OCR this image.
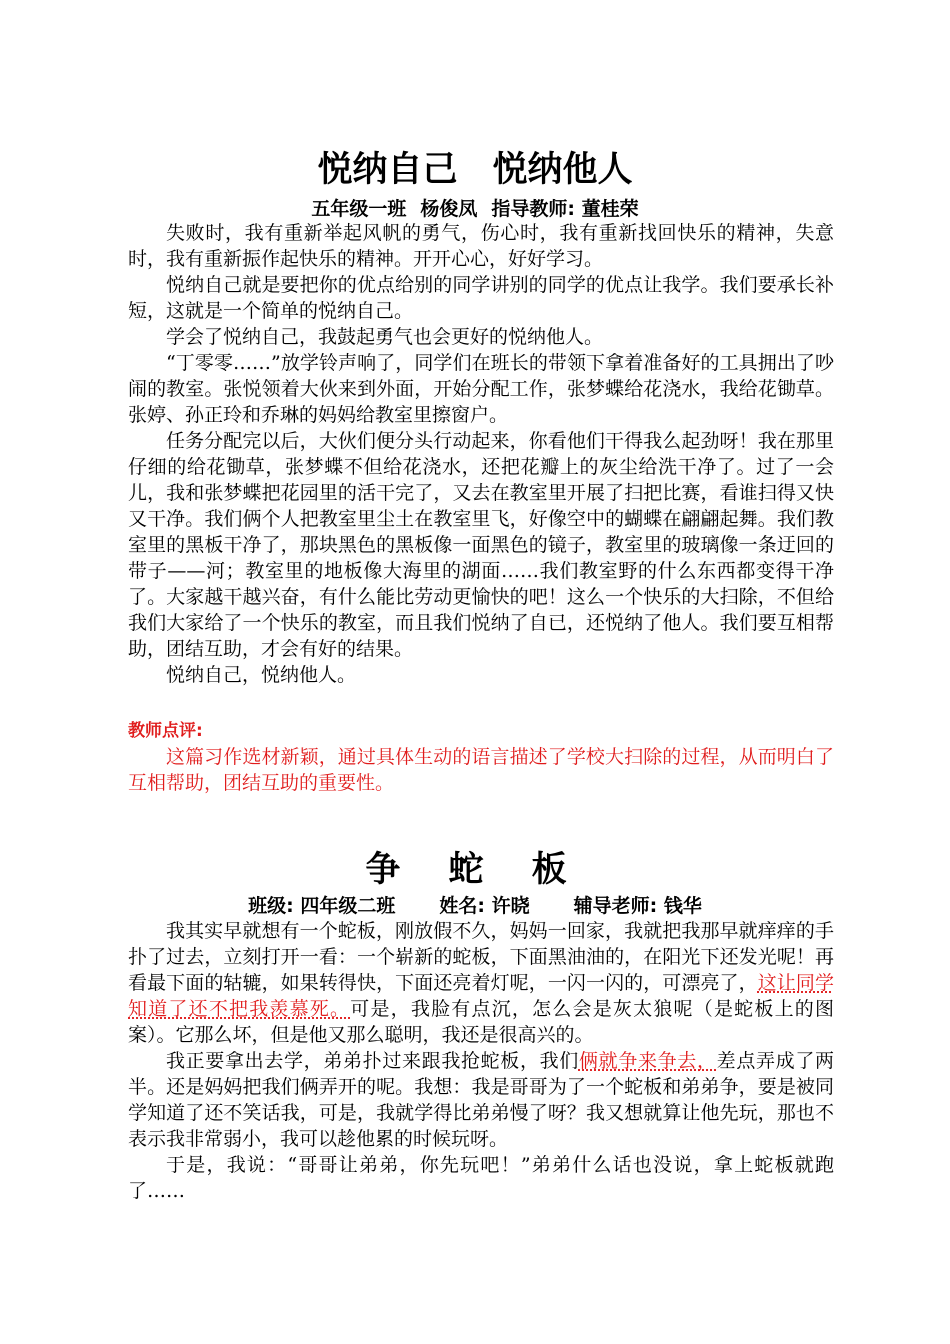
悦纳自己　悦纳他人
五年级一班 杨俊凤 指导教师: 董桂荣

失败时，我有重新举起风帆的勇气，伤心时，我有重新找回快乐的精神，失意时，我有重新振作起快乐的精神。开开心心，好好学习。

悦纳自己就是要把你的优点给别的同学讲别的同学的优点让我学。我们要承长补短，这就是一个简单的悦纳自己。

学会了悦纳自己，我鼓起勇气也会更好的悦纳他人。

“丁零零……”放学铃声响了，同学们在班长的带领下拿着准备好的工具拥出了吵闹的教室。张悦领着大伙来到外面，开始分配工作，张梦蝶给花浇水，我给花锄草。张婷、孙正玲和乔琳的妈妈给教室里擦窗户。

任务分配完以后，大伙们便分头行动起来，你看他们干得我么起劲呀！我在那里仔细的给花锄草，张梦蝶不但给花浇水，还把花瓣上的灰尘给洗干净了。过了一会儿，我和张梦蝶把花园里的活干完了，又去在教室里开展了扫把比赛，看谁扫得又快又干净。我们俩个人把教室里尘土在教室里飞，好像空中的蝴蝶在翩翩起舞。我们教室里的黑板干净了，那块黑色的黑板像一面黑色的镜子，教室里的玻璃像一条迂回的带子——河；教室里的地板像大海里的湖面……我们教室野的什么东西都变得干净了。大家越干越兴奋，有什么能比劳动更愉快的吧！这么一个快乐的大扫除，不但给我们大家给了一个快乐的教室，而且我们悦纳了自已，还悦纳了他人。我们要互相帮助，团结互助，才会有好的结果。

悦纳自己，悦纳他人。

教师点评:

这篇习作选材新颖，通过具体生动的语言描述了学校大扫除的过程，从而明白了互相帮助，团结互助的重要性。

争 蛇 板
班级: 四年级二班 姓名: 许晓 辅导老师: 钱华

我其实早就想有一个蛇板，刚放假不久，妈妈一回家，我就把我那早就痒痒的手扑了过去，立刻打开一看：一个崭新的蛇板，下面黑油油的，在阳光下还发光呢！再看最下面的轱辘，如果转得快，下面还亮着灯呢，一闪一闪的，可漂亮了，这让同学知道了还不把我羡慕死。可是，我脸有点沉，怎么会是灰太狼呢（是蛇板上的图案）。它那么坏，但是他又那么聪明，我还是很高兴的。

我正要拿出去学，弟弟扑过来跟我抢蛇板，我们俩就争来争去，差点弄成了两半。还是妈妈把我们俩弄开的呢。我想：我是哥哥为了一个蛇板和弟弟争，要是被同学知道了还不笑话我，可是，我就学得比弟弟慢了呀？我又想就算让他先玩，那也不表示我非常弱小，我可以趁他累的时候玩呀。

于是，我说：“哥哥让弟弟，你先玩吧！”弟弟什么话也没说，拿上蛇板就跑了……
